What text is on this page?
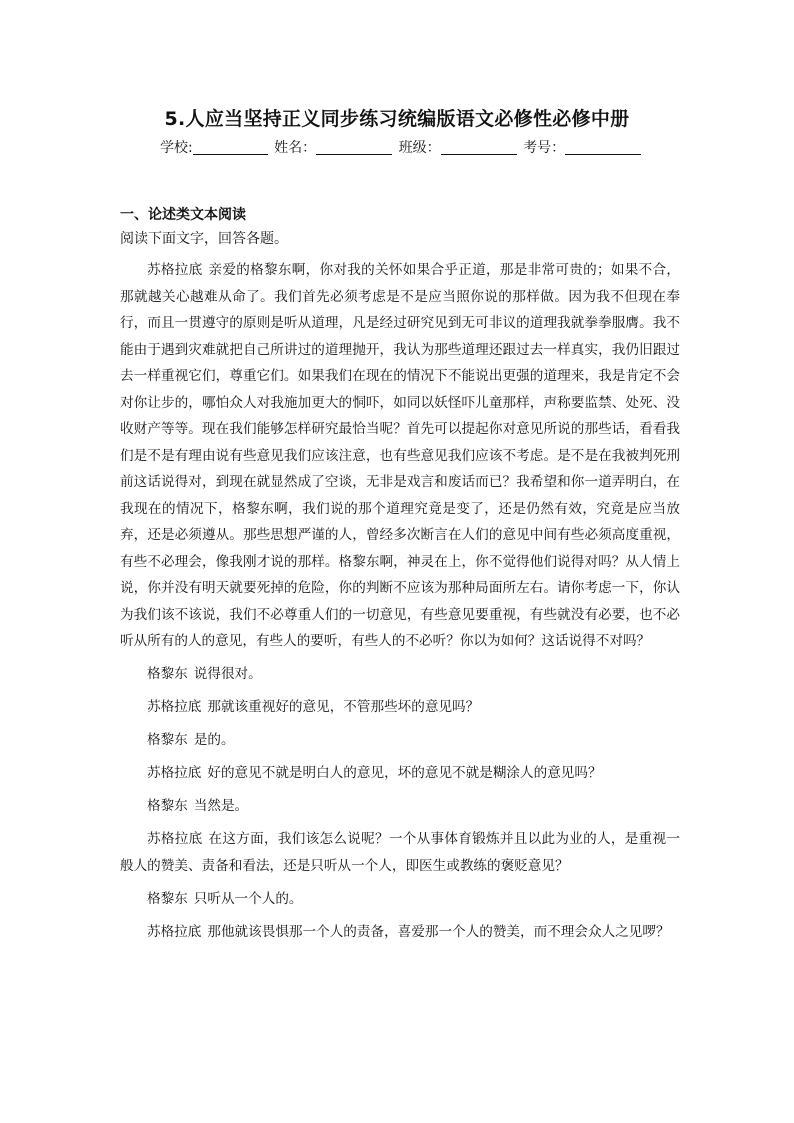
5.人应当坚持正义同步练习统编版语文必修性必修中册
学校:	姓名：	班级：	考号：
一、论述类文本阅读
阅读下面文字，回答各题。

苏格拉底 亲爱的格黎东啊，你对我的关怀如果合乎正道，那是非常可贵的；如果不合，那就越关心越难从命了。我们首先必须考虑是不是应当照你说的那样做。因为我不但现在奉行，而且一贯遵守的原则是听从道理，凡是经过研究见到无可非议的道理我就拳拳服膺。我不能由于遇到灾难就把自己所讲过的道理抛开，我认为那些道理还跟过去一样真实，我仍旧跟过去一样重视它们，尊重它们。如果我们在现在的情况下不能说出更强的道理来，我是肯定不会对你让步的，哪怕众人对我施加更大的恫吓，如同以妖怪吓儿童那样，声称要监禁、处死、没收财产等等。现在我们能够怎样研究最恰当呢？首先可以提起你对意见所说的那些话，看看我们是不是有理由说有些意见我们应该注意，也有些意见我们应该不考虑。是不是在我被判死刑前这话说得对，到现在就显然成了空谈，无非是戏言和废话而已？我希望和你一道弄明白，在我现在的情况下，格黎东啊，我们说的那个道理究竟是变了，还是仍然有效，究竟是应当放弃，还是必须遵从。那些思想严谨的人，曾经多次断言在人们的意见中间有些必须高度重视，有些不必理会，像我刚才说的那样。格黎东啊，神灵在上，你不觉得他们说得对吗？从人情上说，你并没有明天就要死掉的危险，你的判断不应该为那种局面所左右。请你考虑一下，你认为我们该不该说，我们不必尊重人们的一切意见，有些意见要重视，有些就没有必要，也不必听从所有的人的意见，有些人的要听，有些人的不必听？你以为如何？这话说得不对吗？

格黎东 说得很对。

苏格拉底 那就该重视好的意见，不管那些坏的意见吗？

格黎东 是的。

苏格拉底 好的意见不就是明白人的意见，坏的意见不就是糊涂人的意见吗？

格黎东 当然是。

苏格拉底 在这方面，我们该怎么说呢？一个从事体育锻炼并且以此为业的人，是重视一般人的赞美、责备和看法，还是只听从一个人，即医生或教练的褒贬意见？

格黎东 只听从一个人的。

苏格拉底 那他就该畏惧那一个人的责备，喜爱那一个人的赞美，而不理会众人之见啰？
